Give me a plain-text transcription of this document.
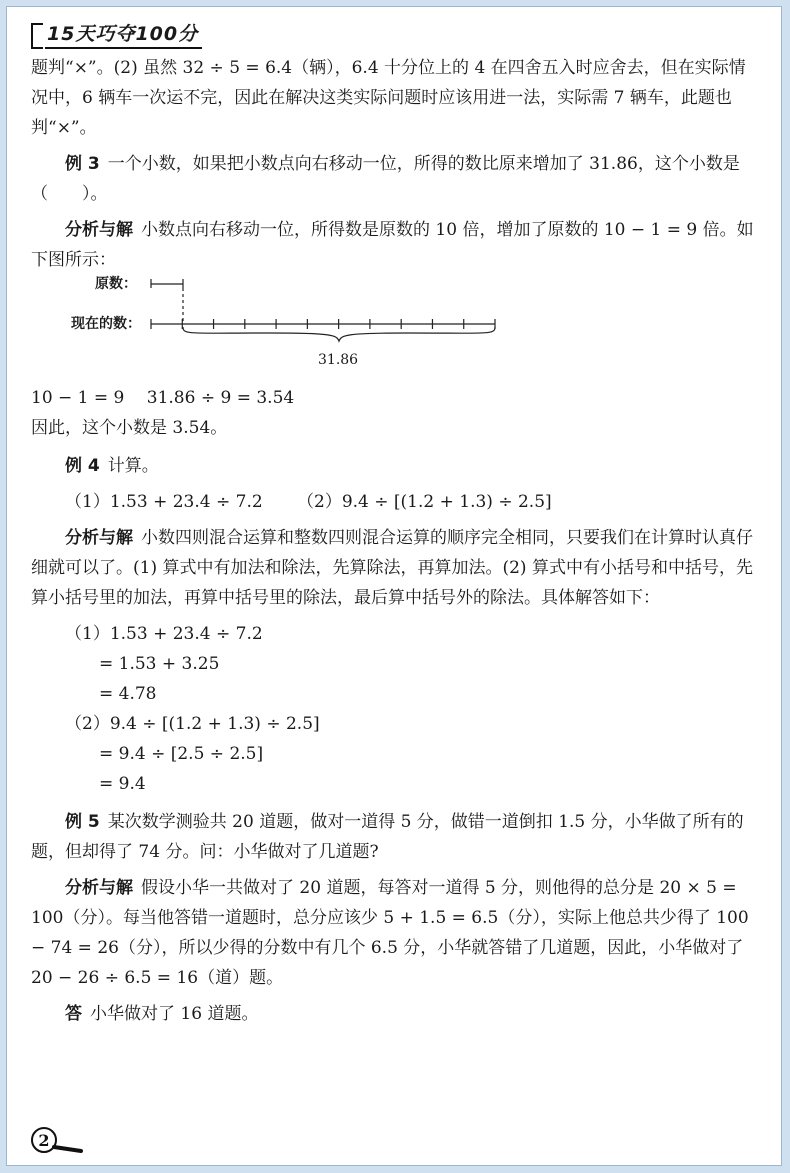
15天巧夺100分

题判“×”。(2) 虽然 32 ÷ 5 = 6.4（辆），6.4 十分位上的 4 在四舍五入时应舍去，但在实际情况中，6 辆车一次运不完，因此在解决这类实际问题时应该用进一法，实际需 7 辆车，此题也判“×”。

例 3 一个小数，如果把小数点向右移动一位，所得的数比原来增加了 31.86，这个小数是（　　）。

分析与解 小数点向右移动一位，所得数是原数的 10 倍，增加了原数的 10 − 1 = 9 倍。如下图所示：

原数：
现在的数：
31.86

10 − 1 = 9　 31.86 ÷ 9 = 3.54

因此，这个小数是 3.54。

例 4 计算。

（1）1.53 + 23.4 ÷ 7.2	（2）9.4 ÷ [(1.2 + 1.3) ÷ 2.5]

分析与解 小数四则混合运算和整数四则混合运算的顺序完全相同，只要我们在计算时认真仔细就可以了。(1) 算式中有加法和除法，先算除法，再算加法。(2) 算式中有小括号和中括号，先算小括号里的加法，再算中括号里的除法，最后算中括号外的除法。具体解答如下：

（1）1.53 + 23.4 ÷ 7.2

= 1.53 + 3.25

= 4.78

（2）9.4 ÷ [(1.2 + 1.3) ÷ 2.5]

= 9.4 ÷ [2.5 ÷ 2.5]

= 9.4

例 5 某次数学测验共 20 道题，做对一道得 5 分，做错一道倒扣 1.5 分，小华做了所有的题，但却得了 74 分。问：小华做对了几道题?

分析与解 假设小华一共做对了 20 道题，每答对一道得 5 分，则他得的总分是 20 × 5 = 100（分）。每当他答错一道题时，总分应该少 5 + 1.5 = 6.5（分），实际上他总共少得了 100 − 74 = 26（分），所以少得的分数中有几个 6.5 分，小华就答错了几道题，因此，小华做对了 20 − 26 ÷ 6.5 = 16（道）题。

答 小华做对了 16 道题。

2
